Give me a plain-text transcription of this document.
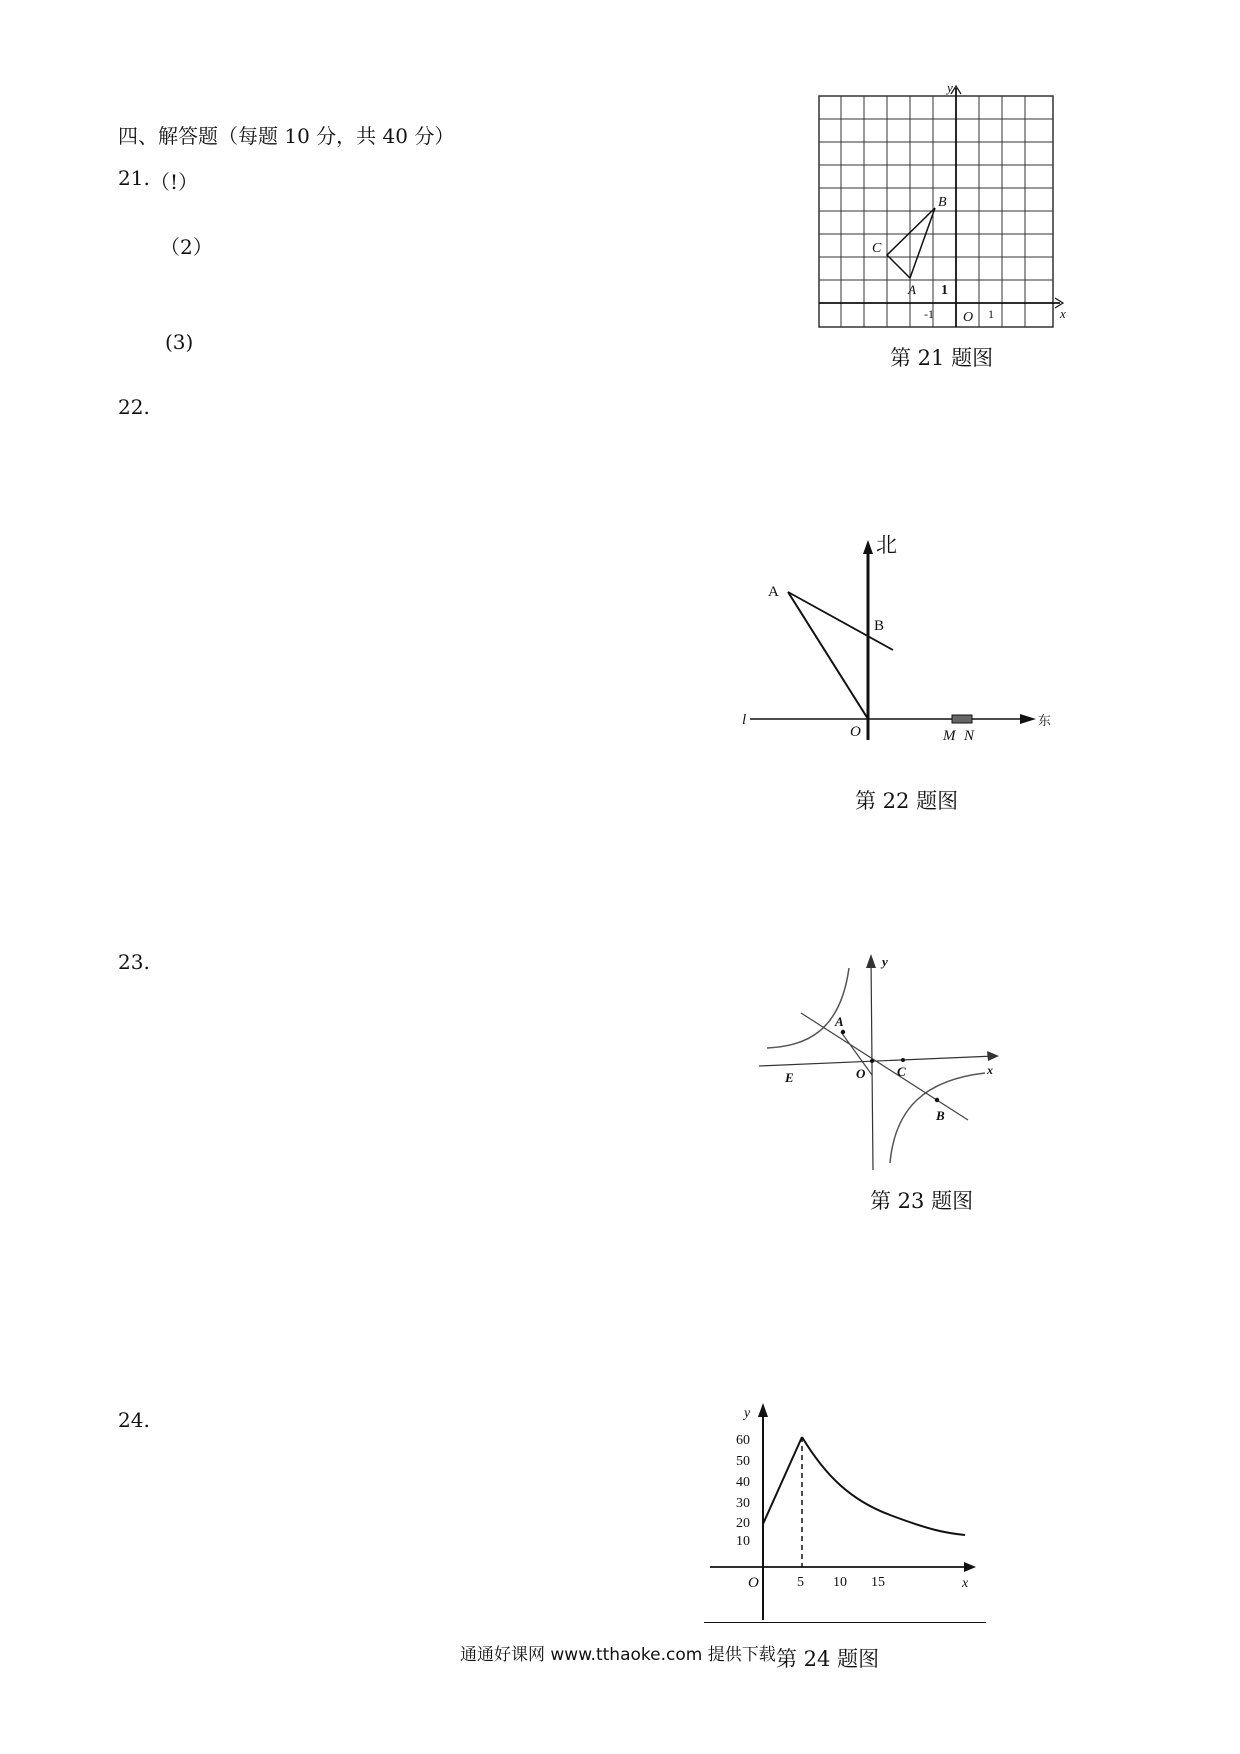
四、解答题（每题 10 分，共 40 分）
21. （!）
（2）
(3)
22.
23.
24.
y
x
B
C
A 1
-1 O 1
第 21 题图
北
东
A
B
O	M N
l
第 22 题图
y
x
A
B
C
O
E
第 23 题图
60
50
40
30
20
10
5 10 15
y
x
O
第 24 题图
通通好课网 www.tthaoke.com 提供下载
